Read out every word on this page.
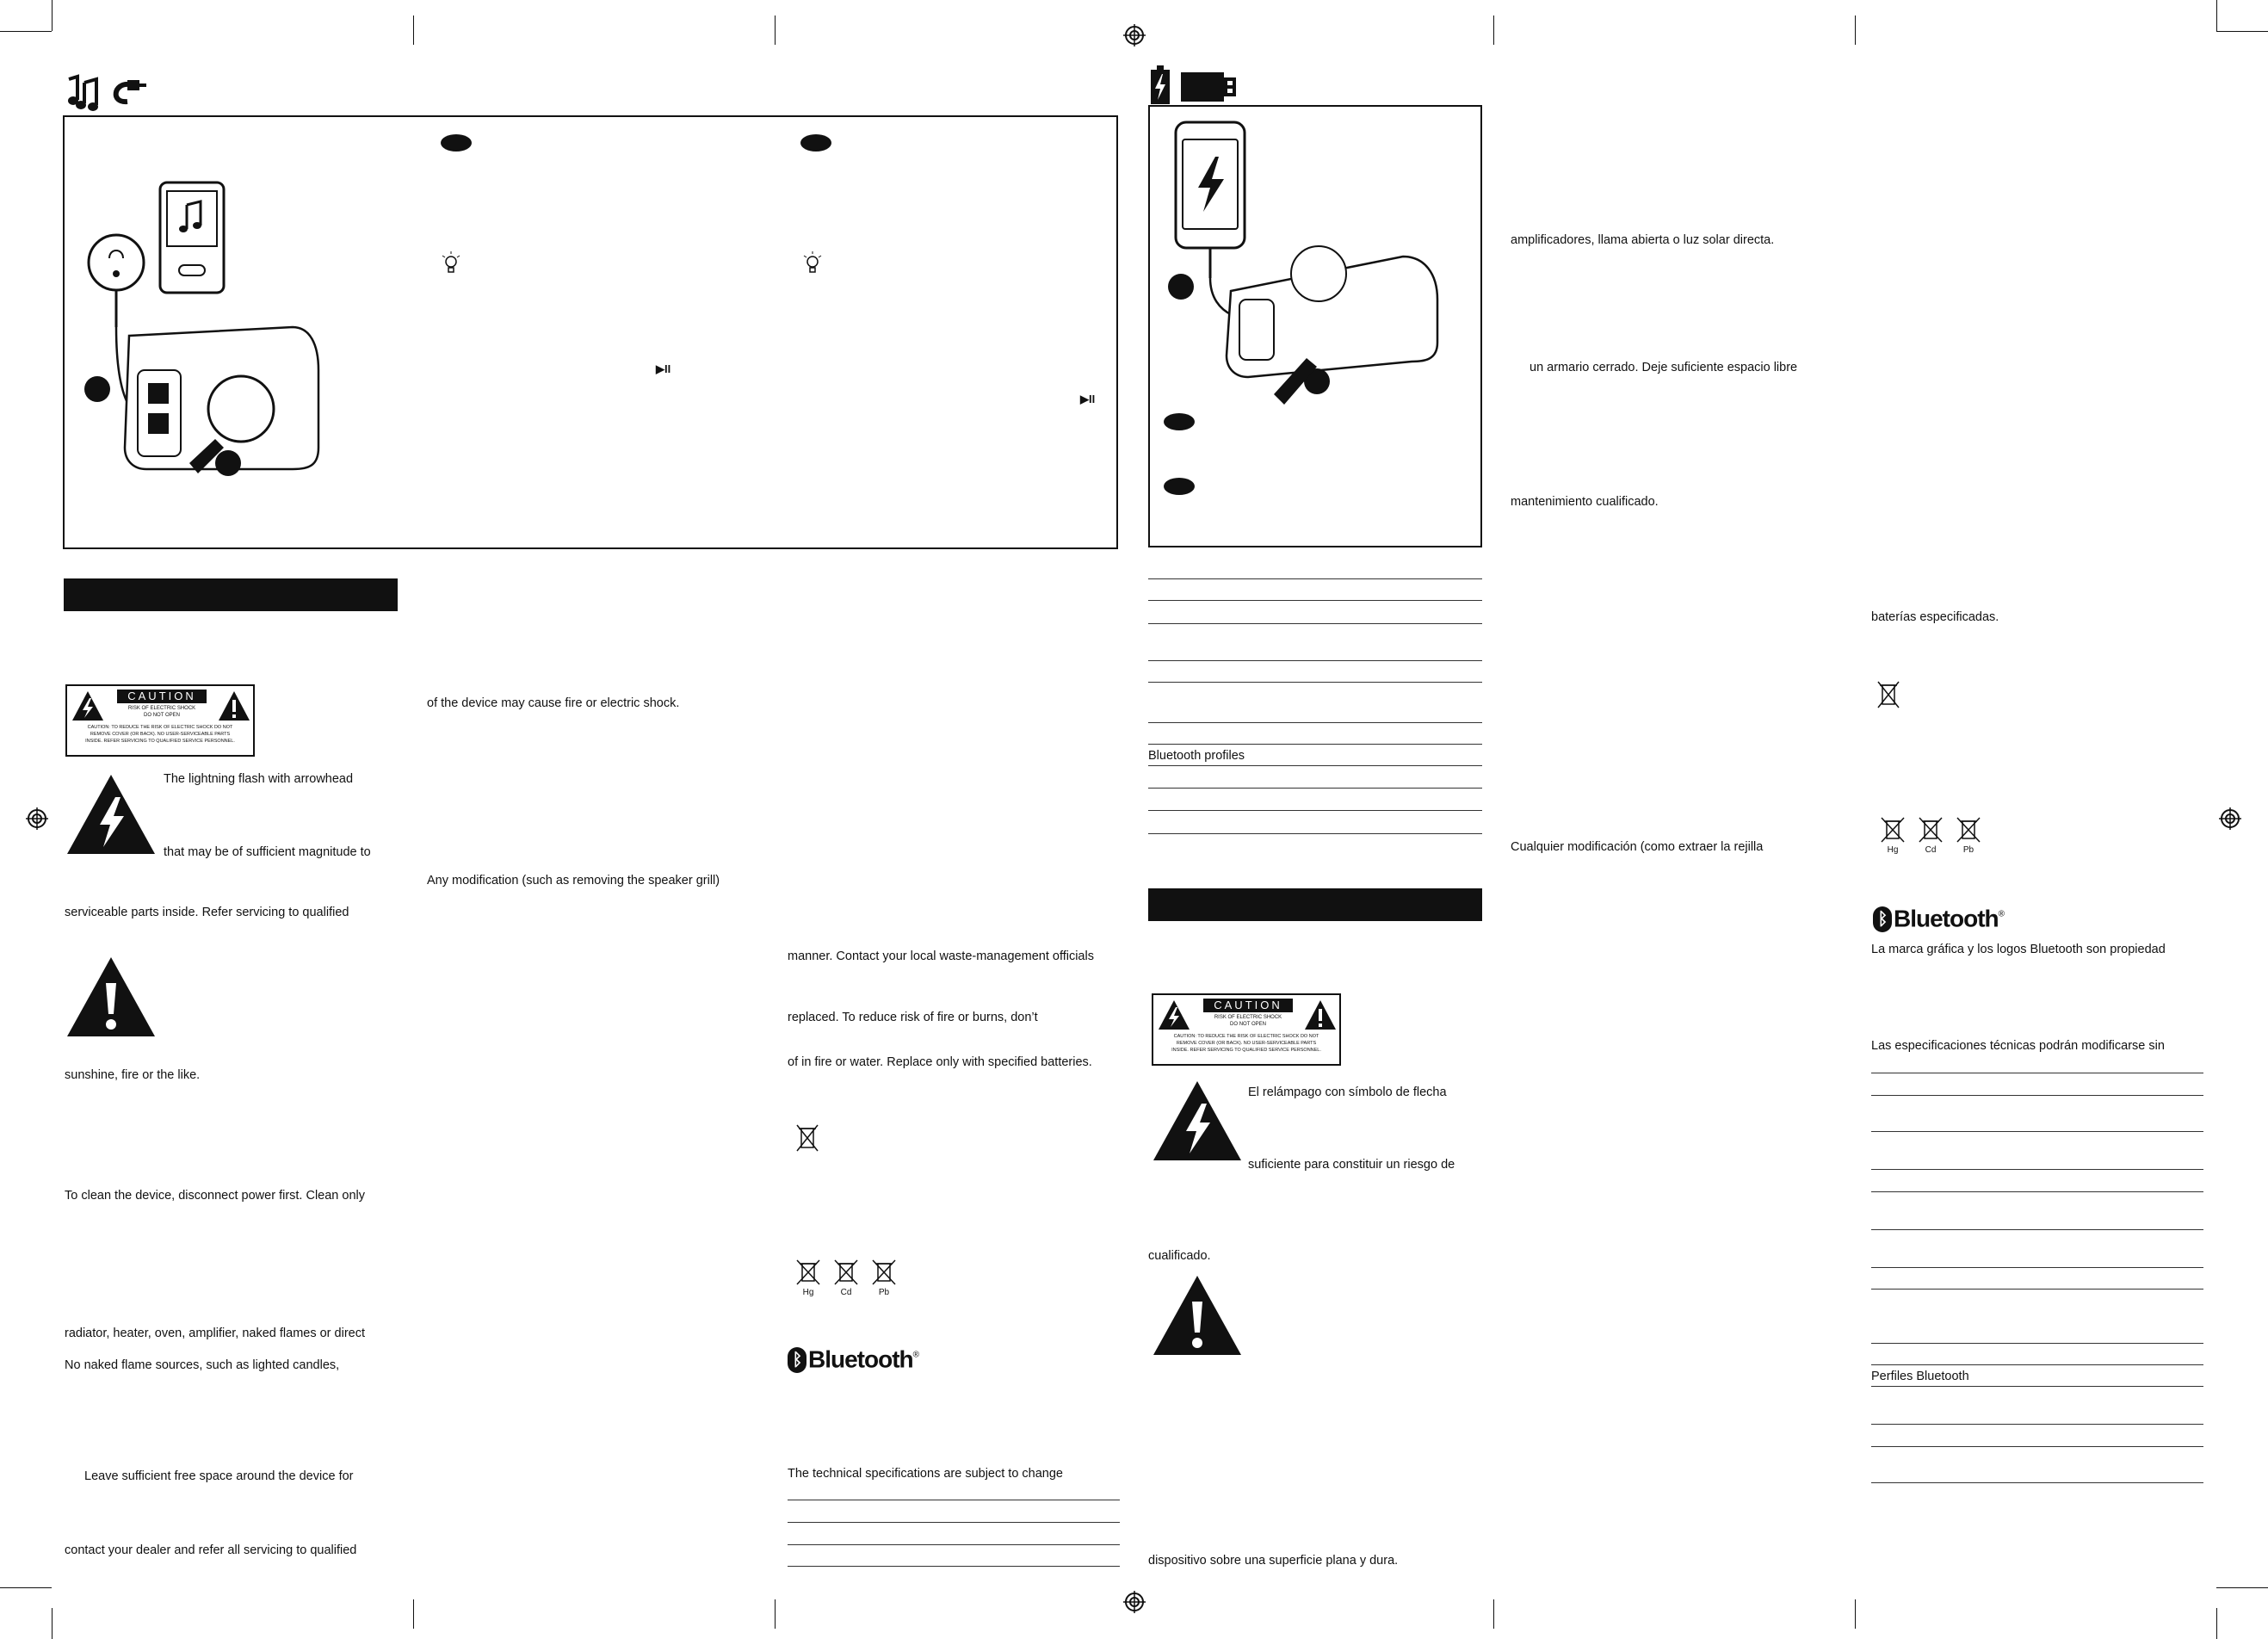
▶II
▶II
Bluetooth profiles
CAUTION
RISK OF ELECTRIC SHOCK
DO NOT OPEN
CAUTION: TO REDUCE THE RISK OF ELECTRIC SHOCK DO NOT
REMOVE COVER (OR BACK). NO USER-SERVICEABLE PARTS
INSIDE. REFER SERVICING TO QUALIFIED SERVICE PERSONNEL.
CAUTION
RISK OF ELECTRIC SHOCK
DO NOT OPEN
CAUTION: TO REDUCE THE RISK OF ELECTRIC SHOCK DO NOT
REMOVE COVER (OR BACK). NO USER-SERVICEABLE PARTS
INSIDE. REFER SERVICING TO QUALIFIED SERVICE PERSONNEL.
The lightning flash with arrowhead
that may be of sufficient magnitude to
serviceable parts inside. Refer servicing to qualified
sunshine, fire or the like.
To clean the device, disconnect power first. Clean only
radiator, heater, oven, amplifier, naked flames or direct
No naked flame sources, such as lighted candles,
Leave sufficient free space around the device for
contact your dealer and refer all servicing to qualified
of the device may cause fire or electric shock.
Any modification (such as removing the speaker grill)
manner. Contact your local waste-management officials
replaced. To reduce risk of fire or burns, don’t
of in fire or water. Replace only with specified batteries.
Hg	Cd	Pb
ᛒ Bluetooth®
The technical specifications are subject to change
El relámpago con símbolo de flecha
suficiente para constituir un riesgo de
cualificado.
dispositivo sobre una superficie plana y dura.
amplificadores, llama abierta o luz solar directa.
un armario cerrado. Deje suficiente espacio libre
mantenimiento cualificado.
Cualquier modificación (como extraer la rejilla
baterías especificadas.
Hg	Cd	Pb
ᛒ Bluetooth®
La marca gráfica y los logos Bluetooth son propiedad
Las especificaciones técnicas podrán modificarse sin
Perfiles Bluetooth
